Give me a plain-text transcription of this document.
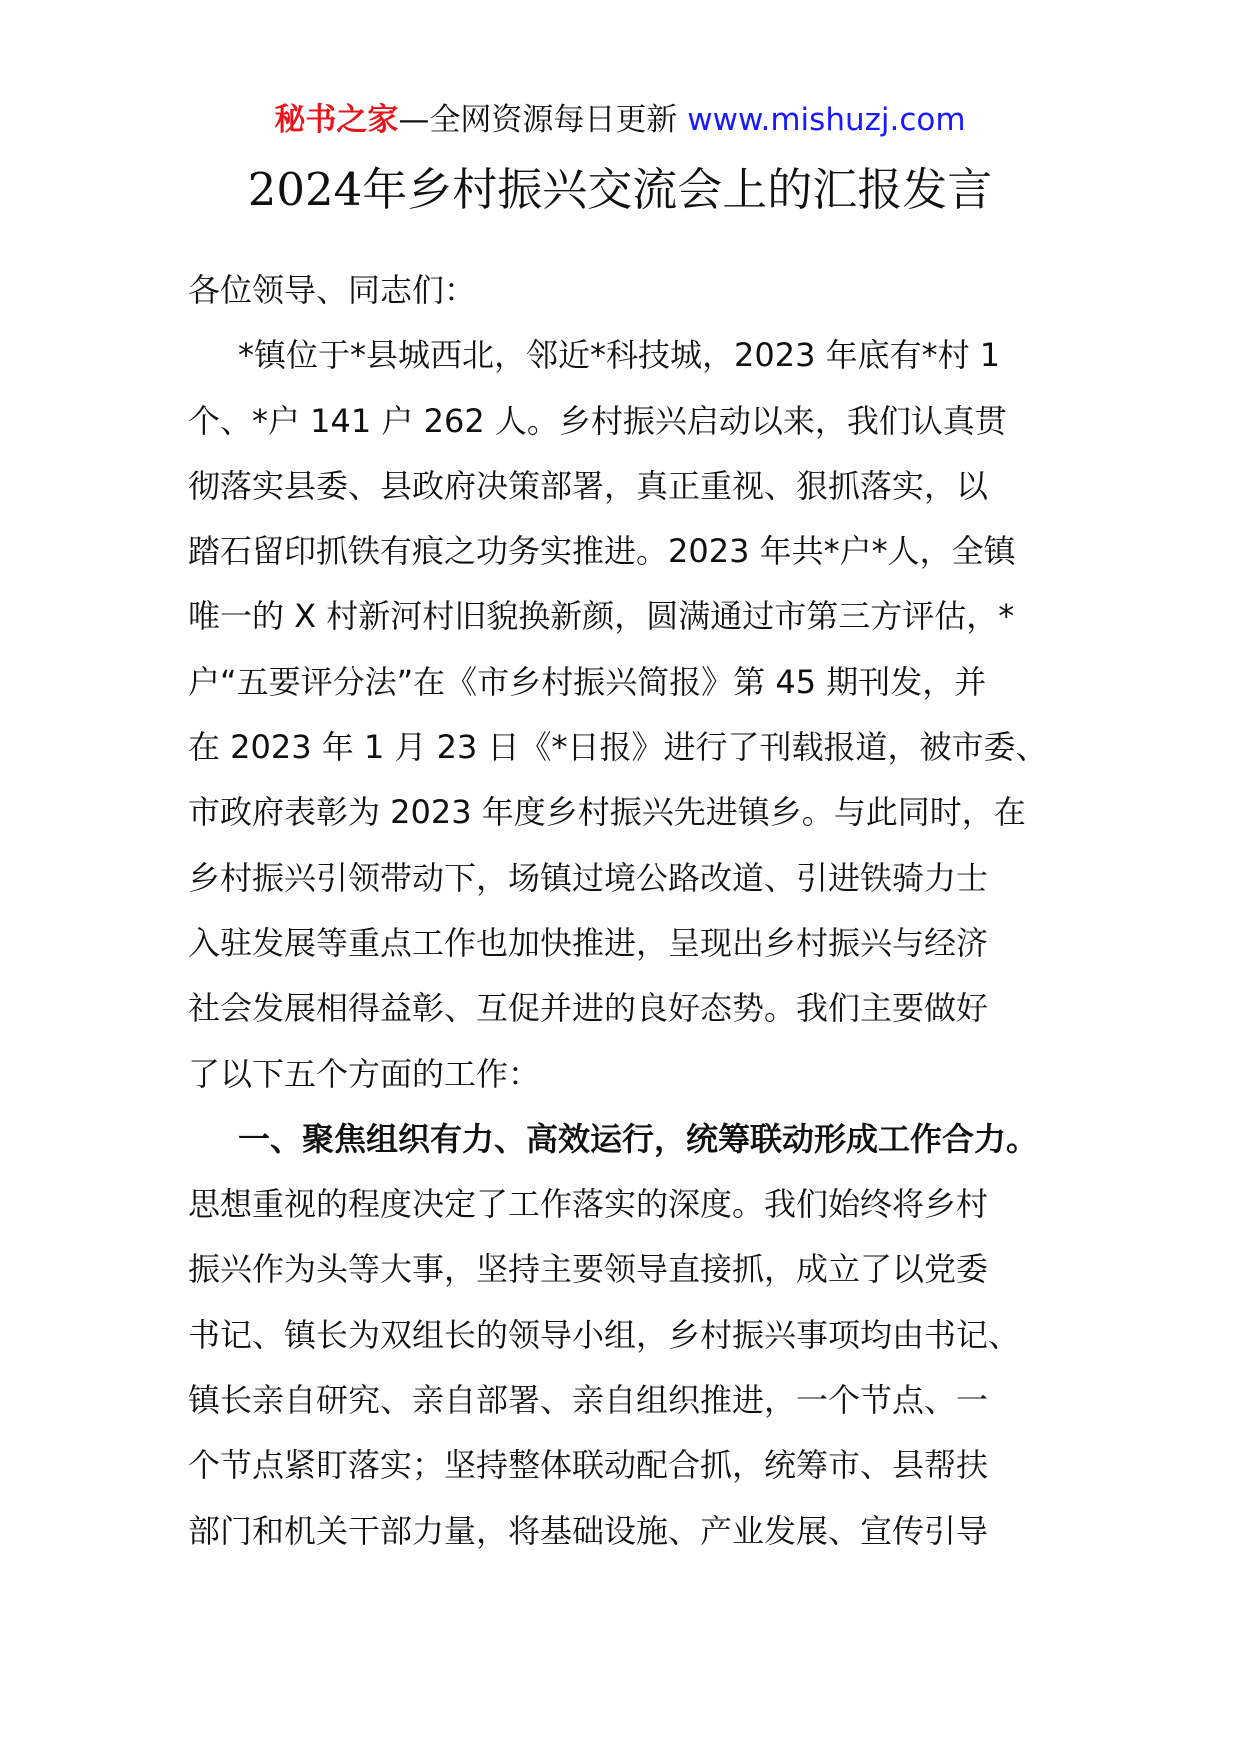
秘书之家—全网资源每日更新 www.mishuzj.com
2024年乡村振兴交流会上的汇报发言
各位领导、同志们：
*镇位于*县城西北，邻近*科技城，2023 年底有*村 1
个、*户 141 户 262 人。乡村振兴启动以来，我们认真贯
彻落实县委、县政府决策部署，真正重视、狠抓落实，以
踏石留印抓铁有痕之功务实推进。2023 年共*户*人，全镇
唯一的 X 村新河村旧貌换新颜，圆满通过市第三方评估，*
户“五要评分法”在《市乡村振兴简报》第 45 期刊发，并
在 2023 年 1 月 23 日《*日报》进行了刊载报道，被市委、
市政府表彰为 2023 年度乡村振兴先进镇乡。与此同时，在
乡村振兴引领带动下，场镇过境公路改道、引进铁骑力士
入驻发展等重点工作也加快推进，呈现出乡村振兴与经济
社会发展相得益彰、互促并进的良好态势。我们主要做好
了以下五个方面的工作：
一、聚焦组织有力、高效运行，统筹联动形成工作合力。
思想重视的程度决定了工作落实的深度。我们始终将乡村
振兴作为头等大事，坚持主要领导直接抓，成立了以党委
书记、镇长为双组长的领导小组，乡村振兴事项均由书记、
镇长亲自研究、亲自部署、亲自组织推进，一个节点、一
个节点紧盯落实；坚持整体联动配合抓，统筹市、县帮扶
部门和机关干部力量，将基础设施、产业发展、宣传引导
